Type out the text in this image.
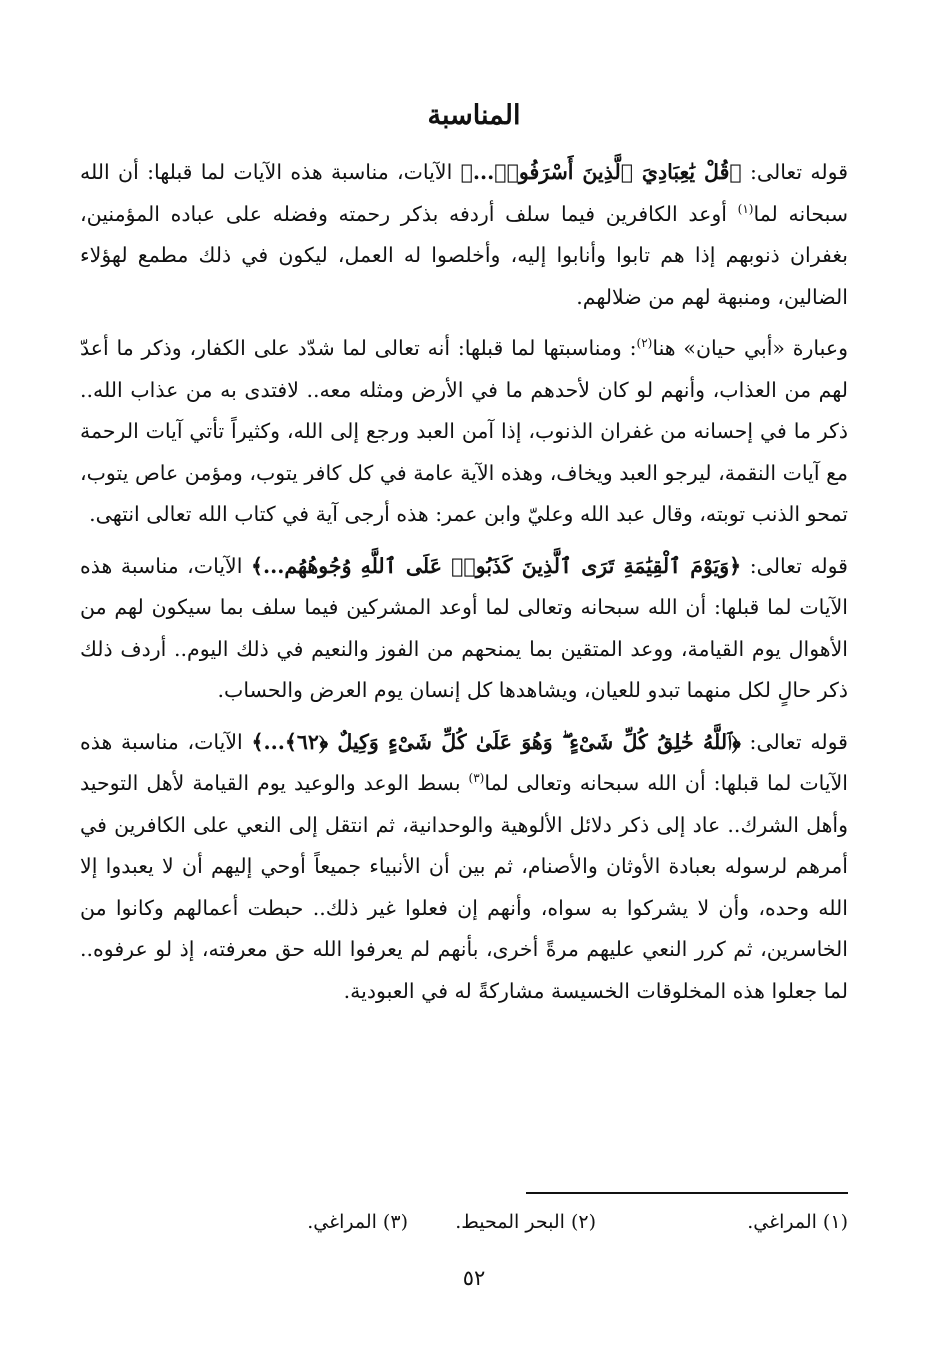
المناسبة

قوله تعالى: ﴿قُلْ يَٰعِبَادِيَ ٱلَّذِينَ أَسْرَفُوا۟...﴾ الآيات، مناسبة هذه الآيات لما قبلها: أن الله سبحانه لما$^{(١)}$ أوعد الكافرين فيما سلف أردفه بذكر رحمته وفضله على عباده المؤمنين، بغفران ذنوبهم إذا هم تابوا وأنابوا إليه، وأخلصوا له العمل، ليكون في ذلك مطمع لهؤلاء الضالين، ومنبهة لهم من ضلالهم.

وعبارة «أبي حيان» هنا$^{(٢)}$: ومناسبتها لما قبلها: أنه تعالى لما شدّد على الكفار، وذكر ما أعدّ لهم من العذاب، وأنهم لو كان لأحدهم ما في الأرض ومثله معه.. لافتدى به من عذاب الله.. ذكر ما في إحسانه من غفران الذنوب، إذا آمن العبد ورجع إلى الله، وكثيراً تأتي آيات الرحمة مع آيات النقمة، ليرجو العبد ويخاف، وهذه الآية عامة في كل كافر يتوب، ومؤمن عاص يتوب، تمحو الذنب توبته، وقال عبد الله وعليّ وابن عمر: هذه أرجى آية في كتاب الله تعالى انتهى.

قوله تعالى: ﴿وَيَوْمَ ٱلْقِيَٰمَةِ تَرَى ٱلَّذِينَ كَذَبُوا۟ عَلَى ٱللَّهِ وُجُوهُهُم...﴾ الآيات، مناسبة هذه الآيات لما قبلها: أن الله سبحانه وتعالى لما أوعد المشركين فيما سلف بما سيكون لهم من الأهوال يوم القيامة، ووعد المتقين بما يمنحهم من الفوز والنعيم في ذلك اليوم.. أردف ذلك ذكر حالٍ لكل منهما تبدو للعيان، ويشاهدها كل إنسان يوم العرض والحساب.

قوله تعالى: ﴿ٱللَّهُ خَٰلِقُ كُلِّ شَىْءٍ ۖ وَهُوَ عَلَىٰ كُلِّ شَىْءٍ وَكِيلٌ ﴿٦٢﴾...﴾ الآيات، مناسبة هذه الآيات لما قبلها: أن الله سبحانه وتعالى لما$^{(٣)}$ بسط الوعد والوعيد يوم القيامة لأهل التوحيد وأهل الشرك.. عاد إلى ذكر دلائل الألوهية والوحدانية، ثم انتقل إلى النعي على الكافرين في أمرهم لرسوله بعبادة الأوثان والأصنام، ثم بين أن الأنبياء جميعاً أوحي إليهم أن لا يعبدوا إلا الله وحده، وأن لا يشركوا به سواه، وأنهم إن فعلوا غير ذلك.. حبطت أعمالهم وكانوا من الخاسرين، ثم كرر النعي عليهم مرةً أخرى، بأنهم لم يعرفوا الله حق معرفته، إذ لو عرفوه.. لما جعلوا هذه المخلوقات الخسيسة مشاركةً له في العبودية.

(١) المراغي.
(٢) البحر المحيط.
(٣) المراغي.
٥٢
